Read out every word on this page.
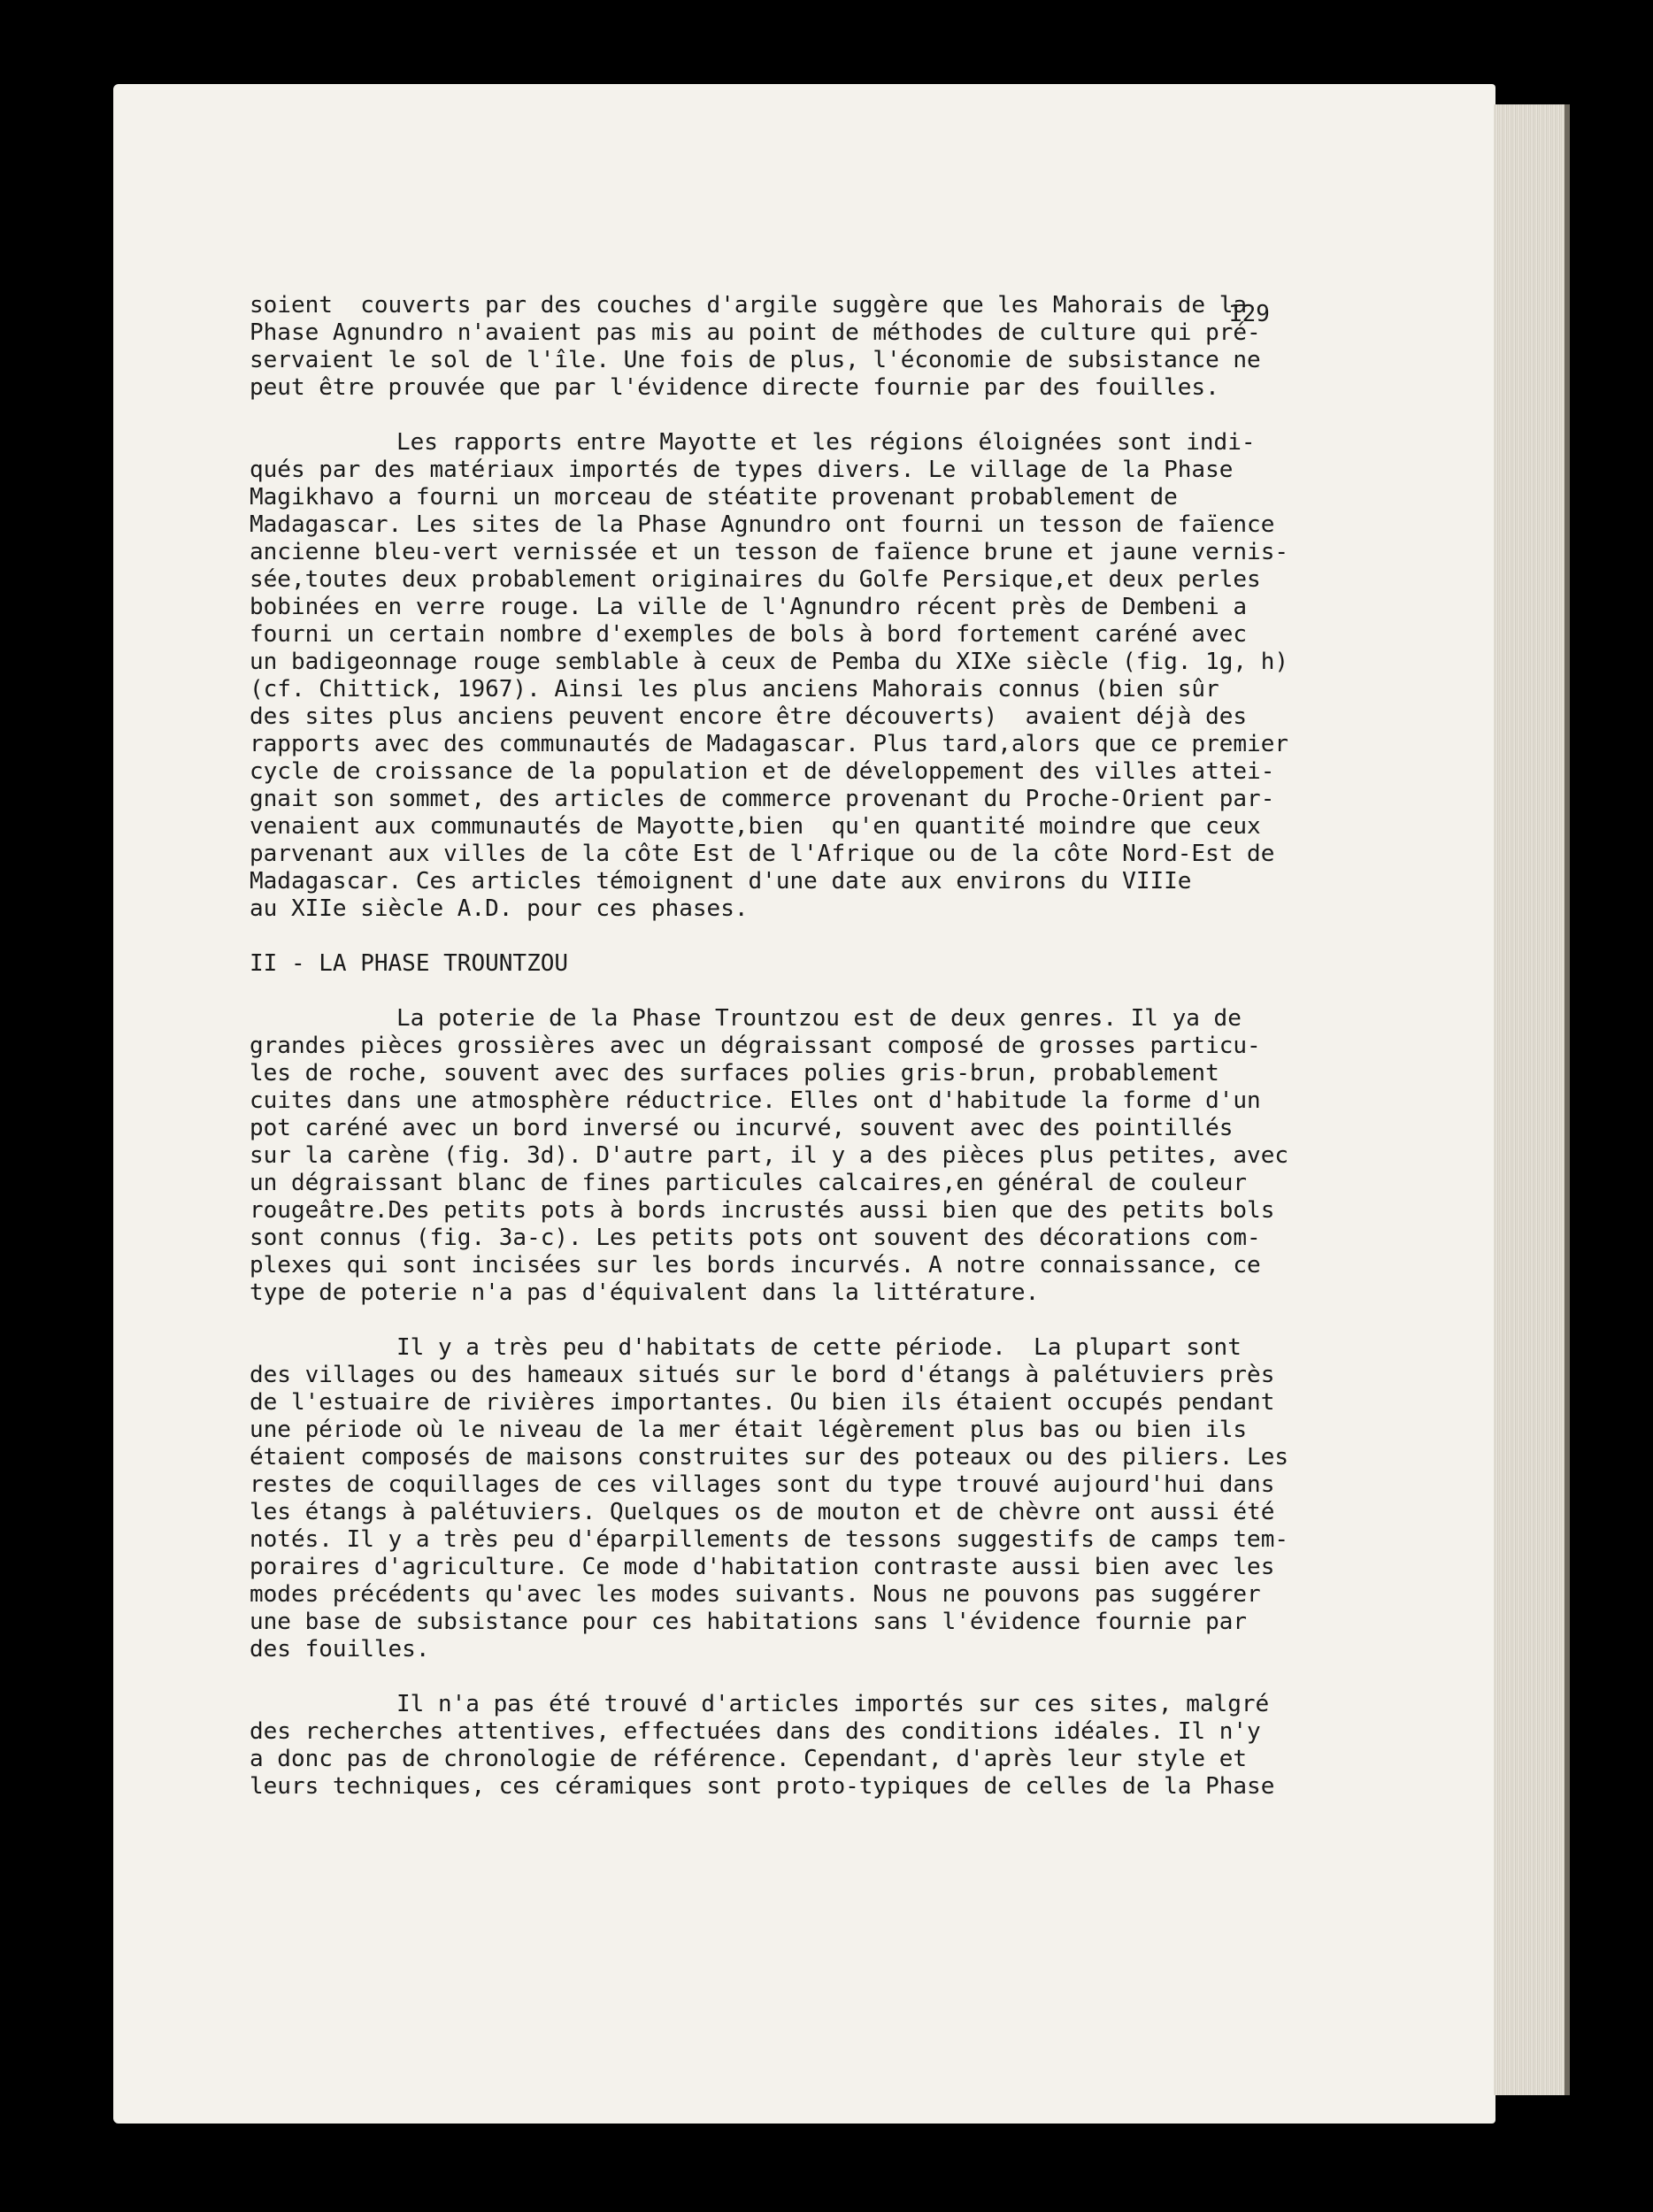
129
soient  couverts par des couches d'argile suggère que les Mahorais de la
Phase Agnundro n'avaient pas mis au point de méthodes de culture qui pré-
servaient le sol de l'île. Une fois de plus, l'économie de subsistance ne
peut être prouvée que par l'évidence directe fournie par des fouilles.
Les rapports entre Mayotte et les régions éloignées sont indi-
qués par des matériaux importés de types divers. Le village de la Phase
Magikhavo a fourni un morceau de stéatite provenant probablement de
Madagascar. Les sites de la Phase Agnundro ont fourni un tesson de faïence
ancienne bleu-vert vernissée et un tesson de faïence brune et jaune vernis-
sée,toutes deux probablement originaires du Golfe Persique,et deux perles
bobinées en verre rouge. La ville de l'Agnundro récent près de Dembeni a
fourni un certain nombre d'exemples de bols à bord fortement caréné avec
un badigeonnage rouge semblable à ceux de Pemba du XIXe siècle (fig. 1g, h)
(cf. Chittick, 1967). Ainsi les plus anciens Mahorais connus (bien sûr
des sites plus anciens peuvent encore être découverts)  avaient déjà des
rapports avec des communautés de Madagascar. Plus tard,alors que ce premier
cycle de croissance de la population et de développement des villes attei-
gnait son sommet, des articles de commerce provenant du Proche-Orient par-
venaient aux communautés de Mayotte,bien  qu'en quantité moindre que ceux
parvenant aux villes de la côte Est de l'Afrique ou de la côte Nord-Est de
Madagascar. Ces articles témoignent d'une date aux environs du VIIIe
au XIIe siècle A.D. pour ces phases.
II - LA PHASE TROUNTZOU
La poterie de la Phase Trountzou est de deux genres. Il ya de
grandes pièces grossières avec un dégraissant composé de grosses particu-
les de roche, souvent avec des surfaces polies gris-brun, probablement
cuites dans une atmosphère réductrice. Elles ont d'habitude la forme d'un
pot caréné avec un bord inversé ou incurvé, souvent avec des pointillés
sur la carène (fig. 3d). D'autre part, il y a des pièces plus petites, avec
un dégraissant blanc de fines particules calcaires,en général de couleur
rougeâtre.Des petits pots à bords incrustés aussi bien que des petits bols
sont connus (fig. 3a-c). Les petits pots ont souvent des décorations com-
plexes qui sont incisées sur les bords incurvés. A notre connaissance, ce
type de poterie n'a pas d'équivalent dans la littérature.
Il y a très peu d'habitats de cette période.  La plupart sont
des villages ou des hameaux situés sur le bord d'étangs à palétuviers près
de l'estuaire de rivières importantes. Ou bien ils étaient occupés pendant
une période où le niveau de la mer était légèrement plus bas ou bien ils
étaient composés de maisons construites sur des poteaux ou des piliers. Les
restes de coquillages de ces villages sont du type trouvé aujourd'hui dans
les étangs à palétuviers. Quelques os de mouton et de chèvre ont aussi été
notés. Il y a très peu d'éparpillements de tessons suggestifs de camps tem-
poraires d'agriculture. Ce mode d'habitation contraste aussi bien avec les
modes précédents qu'avec les modes suivants. Nous ne pouvons pas suggérer
une base de subsistance pour ces habitations sans l'évidence fournie par
des fouilles.
Il n'a pas été trouvé d'articles importés sur ces sites, malgré
des recherches attentives, effectuées dans des conditions idéales. Il n'y
a donc pas de chronologie de référence. Cependant, d'après leur style et
leurs techniques, ces céramiques sont proto-typiques de celles de la Phase
